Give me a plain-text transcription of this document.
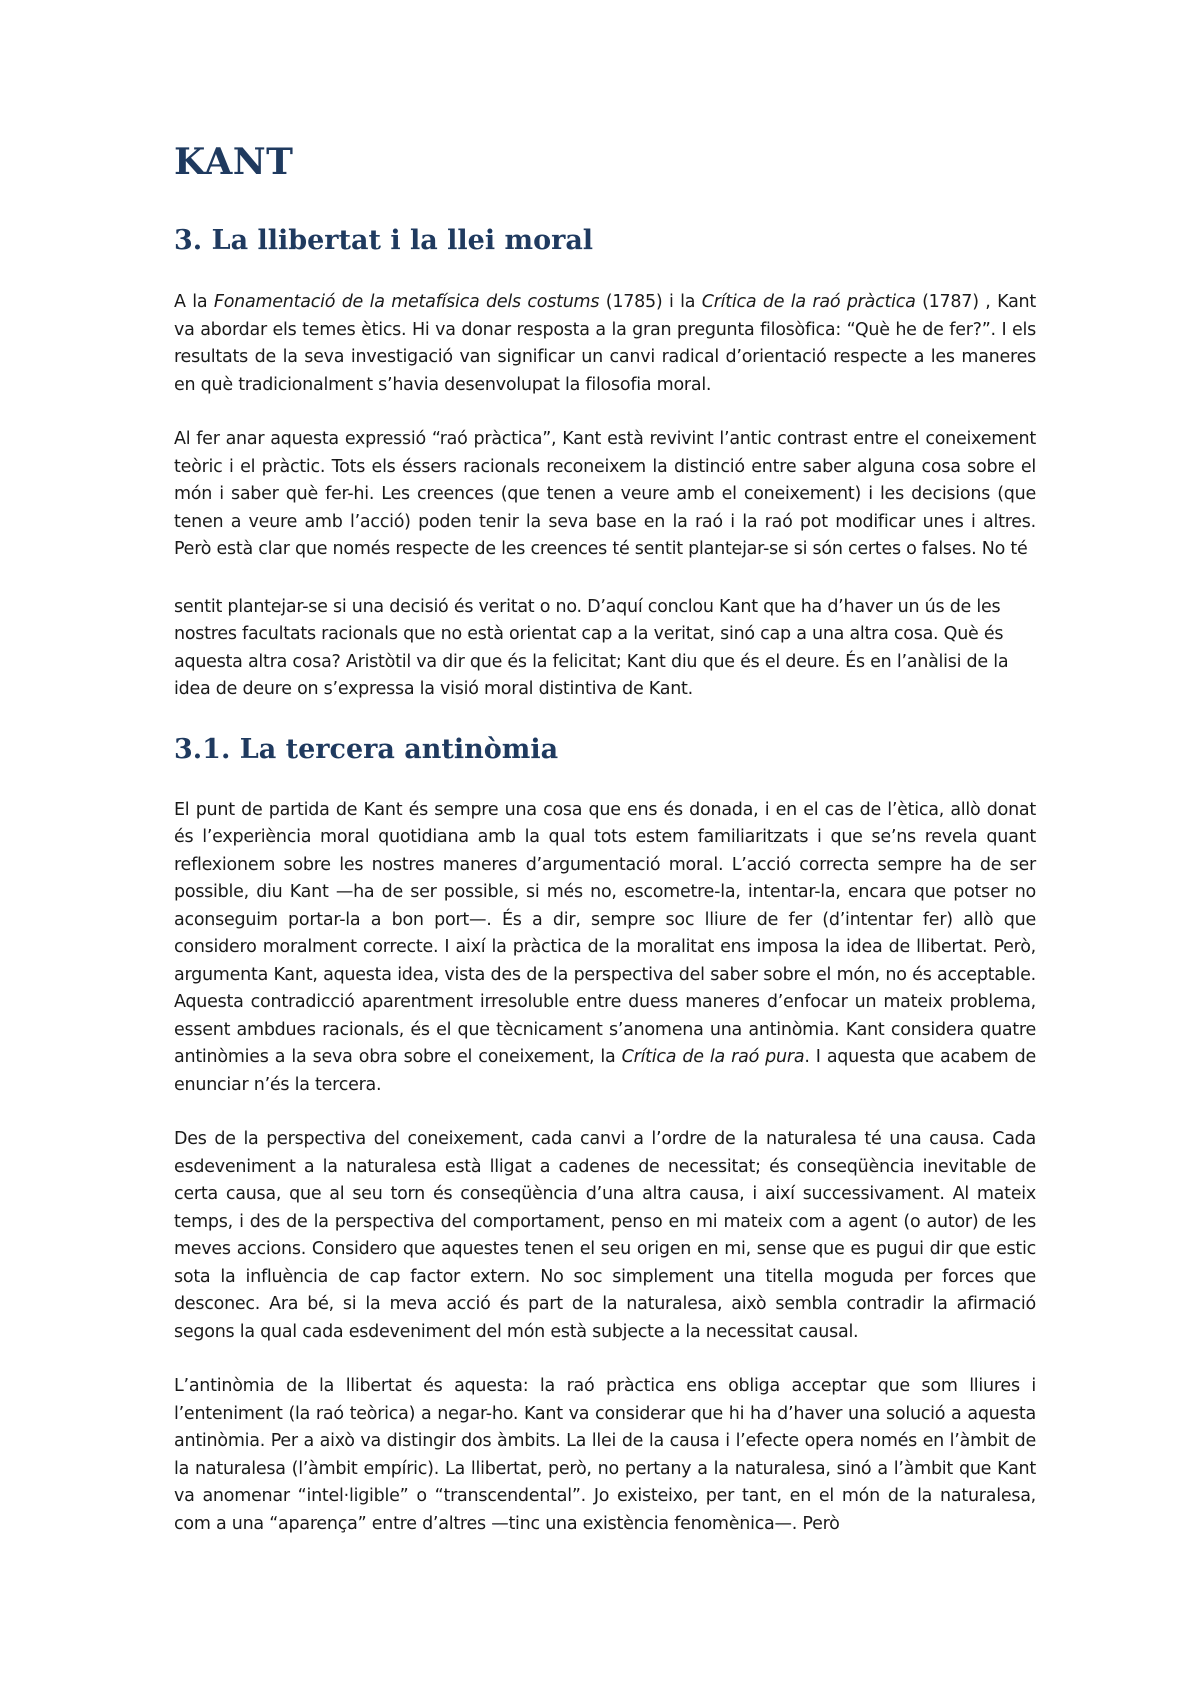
KANT
3. La llibertat i la llei moral

A la Fonamentació de la metafísica dels costums (1785) i la Crítica de la raó pràctica (1787) , Kant va abordar els temes ètics. Hi va donar resposta a la gran pregunta filosòfica: “Què he de fer?”. I els resultats de la seva investigació van significar un canvi radical d’orientació respecte a les maneres en què tradicionalment s’havia desenvolupat la filosofia moral.

Al fer anar aquesta expressió “raó pràctica”, Kant està revivint l’antic contrast entre el coneixement teòric i el pràctic. Tots els éssers racionals reconeixem la distinció entre saber alguna cosa sobre el món i saber què fer-hi. Les creences (que tenen a veure amb el coneixement) i les decisions (que tenen a veure amb l’acció) poden tenir la seva base en la raó i la raó pot modificar unes i altres. Però està clar que només respecte de les creences té sentit plantejar-se si són certes o falses. No té

sentit plantejar-se si una decisió és veritat o no. D’aquí conclou Kant que ha d’haver un ús de les nostres facultats racionals que no està orientat cap a la veritat, sinó cap a una altra cosa. Què és aquesta altra cosa? Aristòtil va dir que és la felicitat; Kant diu que és el deure. És en l’anàlisi de la idea de deure on s’expressa la visió moral distintiva de Kant.

3.1. La tercera antinòmia

El punt de partida de Kant és sempre una cosa que ens és donada, i en el cas de l’ètica, allò donat és l’experiència moral quotidiana amb la qual tots estem familiaritzats i que se’ns revela quant reflexionem sobre les nostres maneres d’argumentació moral. L’acció correcta sempre ha de ser possible, diu Kant —ha de ser possible, si més no, escometre-la, intentar-la, encara que potser no aconseguim portar-la a bon port—. És a dir, sempre soc lliure de fer (d’intentar fer) allò que considero moralment correcte. I així la pràctica de la moralitat ens imposa la idea de llibertat. Però, argumenta Kant, aquesta idea, vista des de la perspectiva del saber sobre el món, no és acceptable. Aquesta contradicció aparentment irresoluble entre duess maneres d’enfocar un mateix problema, essent ambdues racionals, és el que tècnicament s’anomena una antinòmia. Kant considera quatre antinòmies a la seva obra sobre el coneixement, la Crítica de la raó pura. I aquesta que acabem de enunciar n’és la tercera.

Des de la perspectiva del coneixement, cada canvi a l’ordre de la naturalesa té una causa. Cada esdeveniment a la naturalesa està lligat a cadenes de necessitat; és conseqüència inevitable de certa causa, que al seu torn és conseqüència d’una altra causa, i així successivament. Al mateix temps, i des de la perspectiva del comportament, penso en mi mateix com a agent (o autor) de les meves accions. Considero que aquestes tenen el seu origen en mi, sense que es pugui dir que estic sota la influència de cap factor extern. No soc simplement una titella moguda per forces que desconec. Ara bé, si la meva acció és part de la naturalesa, això sembla contradir la afirmació segons la qual cada esdeveniment del món està subjecte a la necessitat causal.

L’antinòmia de la llibertat és aquesta: la raó pràctica ens obliga acceptar que som lliures i l’enteniment (la raó teòrica) a negar-ho. Kant va considerar que hi ha d’haver una solució a aquesta antinòmia. Per a això va distingir dos àmbits. La llei de la causa i l’efecte opera només en l’àmbit de la naturalesa (l’àmbit empíric). La llibertat, però, no pertany a la naturalesa, sinó a l’àmbit que Kant va anomenar “intel·ligible” o “transcendental”. Jo existeixo, per tant, en el món de la naturalesa, com a una “aparença” entre d’altres —tinc una existència fenomènica—. Però
